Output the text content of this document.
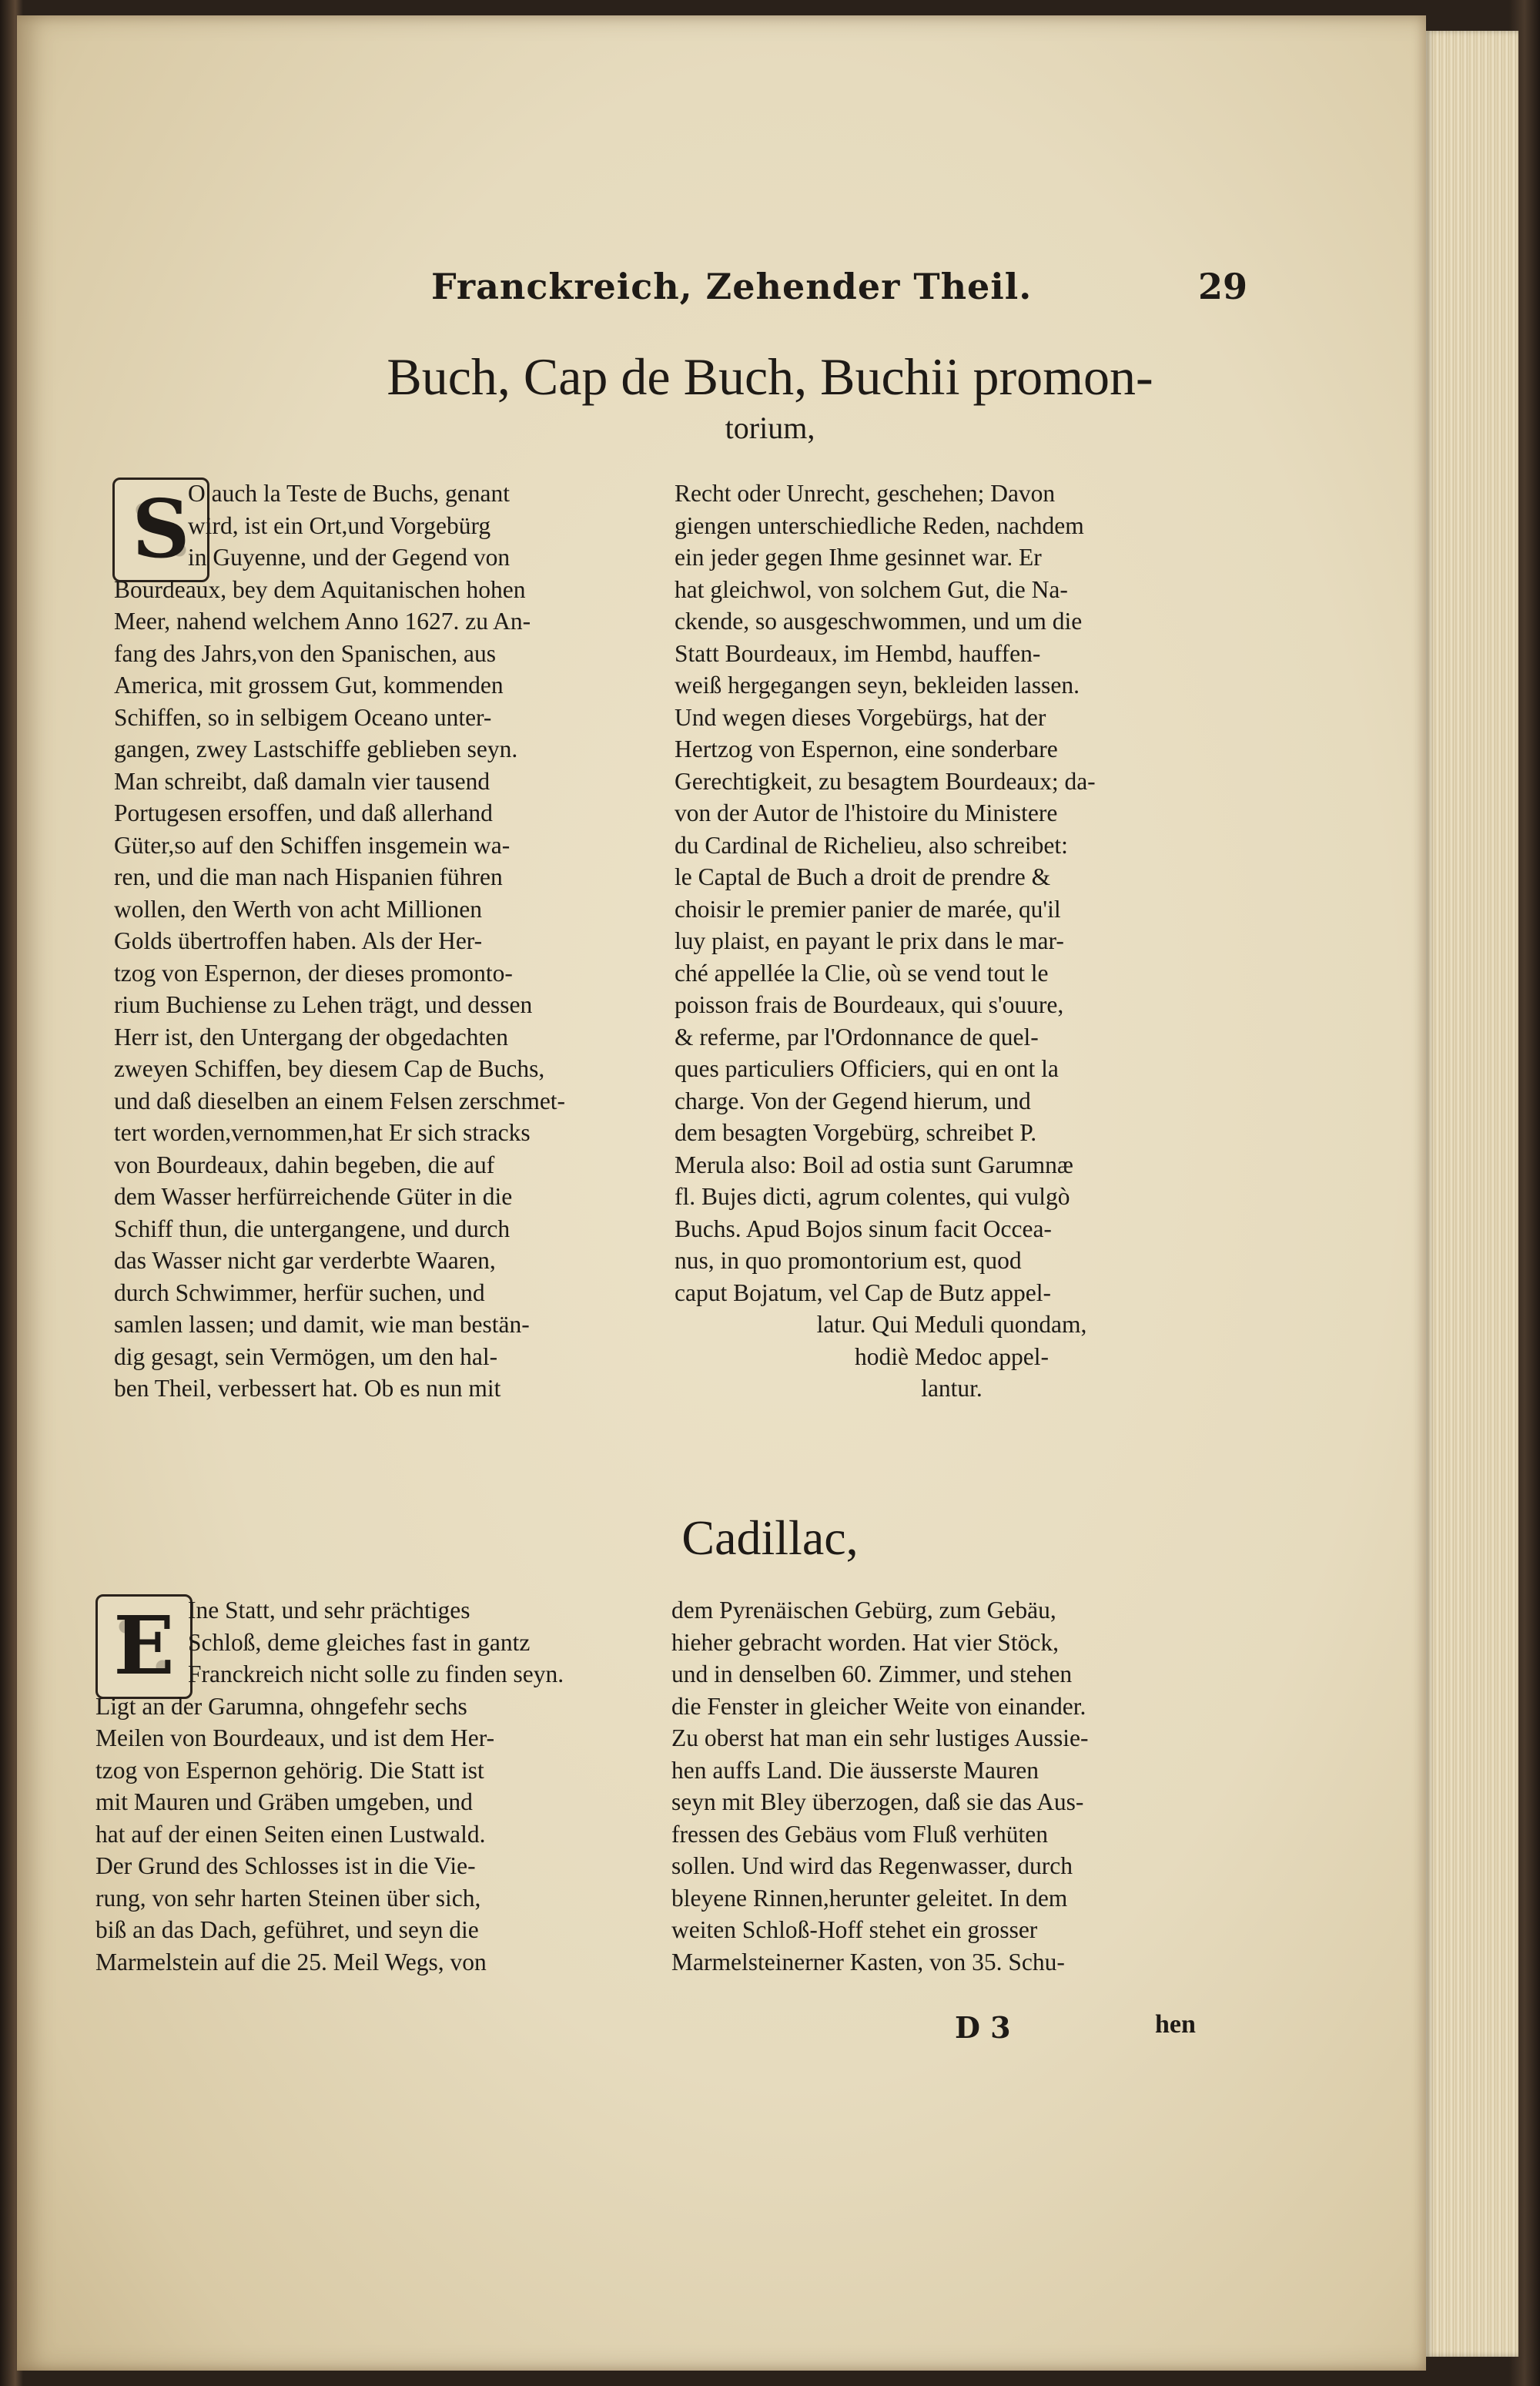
Franckreich, Zehender Theil.	29
Buch, Cap de Buch, Buchii promon-
torium,
S
O auch la Teste de Buchs, genant
wird, ist ein Ort,und Vorgebürg
in Guyenne, und der Gegend von
Bourdeaux, bey dem Aquitanischen hohen
Meer, nahend welchem Anno 1627. zu An-
fang des Jahrs,von den Spanischen, aus
America, mit grossem Gut, kommenden
Schiffen, so in selbigem Oceano unter-
gangen, zwey Lastschiffe geblieben seyn.
Man schreibt, daß damaln vier tausend
Portugesen ersoffen, und daß allerhand
Güter,so auf den Schiffen insgemein wa-
ren, und die man nach Hispanien führen
wollen, den Werth von acht Millionen
Golds übertroffen haben. Als der Her-
tzog von Espernon, der dieses promonto-
rium Buchiense zu Lehen trägt, und dessen
Herr ist, den Untergang der obgedachten
zweyen Schiffen, bey diesem Cap de Buchs,
und daß dieselben an einem Felsen zerschmet-
tert worden,vernommen,hat Er sich stracks
von Bourdeaux, dahin begeben, die auf
dem Wasser herfürreichende Güter in die
Schiff thun, die untergangene, und durch
das Wasser nicht gar verderbte Waaren,
durch Schwimmer, herfür suchen, und
samlen lassen; und damit, wie man bestän-
dig gesagt, sein Vermögen, um den hal-
ben Theil, verbessert hat. Ob es nun mit
Recht oder Unrecht, geschehen; Davon
giengen unterschiedliche Reden, nachdem
ein jeder gegen Ihme gesinnet war. Er
hat gleichwol, von solchem Gut, die Na-
ckende, so ausgeschwommen, und um die
Statt Bourdeaux, im Hembd, hauffen-
weiß hergegangen seyn, bekleiden lassen.
Und wegen dieses Vorgebürgs, hat der
Hertzog von Espernon, eine sonderbare
Gerechtigkeit, zu besagtem Bourdeaux; da-
von der Autor de l'histoire du Ministere
du Cardinal de Richelieu, also schreibet:
le Captal de Buch a droit de prendre &
choisir le premier panier de marée, qu'il
luy plaist, en payant le prix dans le mar-
ché appellée la Clie, où se vend tout le
poisson frais de Bourdeaux, qui s'ouure,
& referme, par l'Ordonnance de quel-
ques particuliers Officiers, qui en ont la
charge. Von der Gegend hierum, und
dem besagten Vorgebürg, schreibet P.
Merula also: Boil ad ostia sunt Garumnæ
fl. Bujes dicti, agrum colentes, qui vulgò
Buchs. Apud Bojos sinum facit Occea-
nus, in quo promontorium est, quod
caput Bojatum, vel Cap de Butz appel-
latur. Qui Meduli quondam,
hodiè Medoc appel-
lantur.
Cadillac,
E Ine Statt, und sehr prächtiges
Schloß, deme gleiches fast in gantz
Franckreich nicht solle zu finden seyn.
Ligt an der Garumna, ohngefehr sechs
Meilen von Bourdeaux, und ist dem Her-
tzog von Espernon gehörig. Die Statt ist
mit Mauren und Gräben umgeben, und
hat auf der einen Seiten einen Lustwald.
Der Grund des Schlosses ist in die Vie-
rung, von sehr harten Steinen über sich,
biß an das Dach, geführet, und seyn die
Marmelstein auf die 25. Meil Wegs, von
dem Pyrenäischen Gebürg, zum Gebäu,
hieher gebracht worden. Hat vier Stöck,
und in denselben 60. Zimmer, und stehen
die Fenster in gleicher Weite von einander.
Zu oberst hat man ein sehr lustiges Aussie-
hen auffs Land. Die äusserste Mauren
seyn mit Bley überzogen, daß sie das Aus-
fressen des Gebäus vom Fluß verhüten
sollen. Und wird das Regenwasser, durch
bleyene Rinnen,herunter geleitet. In dem
weiten Schloß-Hoff stehet ein grosser
Marmelsteinerner Kasten, von 35. Schu-
D 3	hen
